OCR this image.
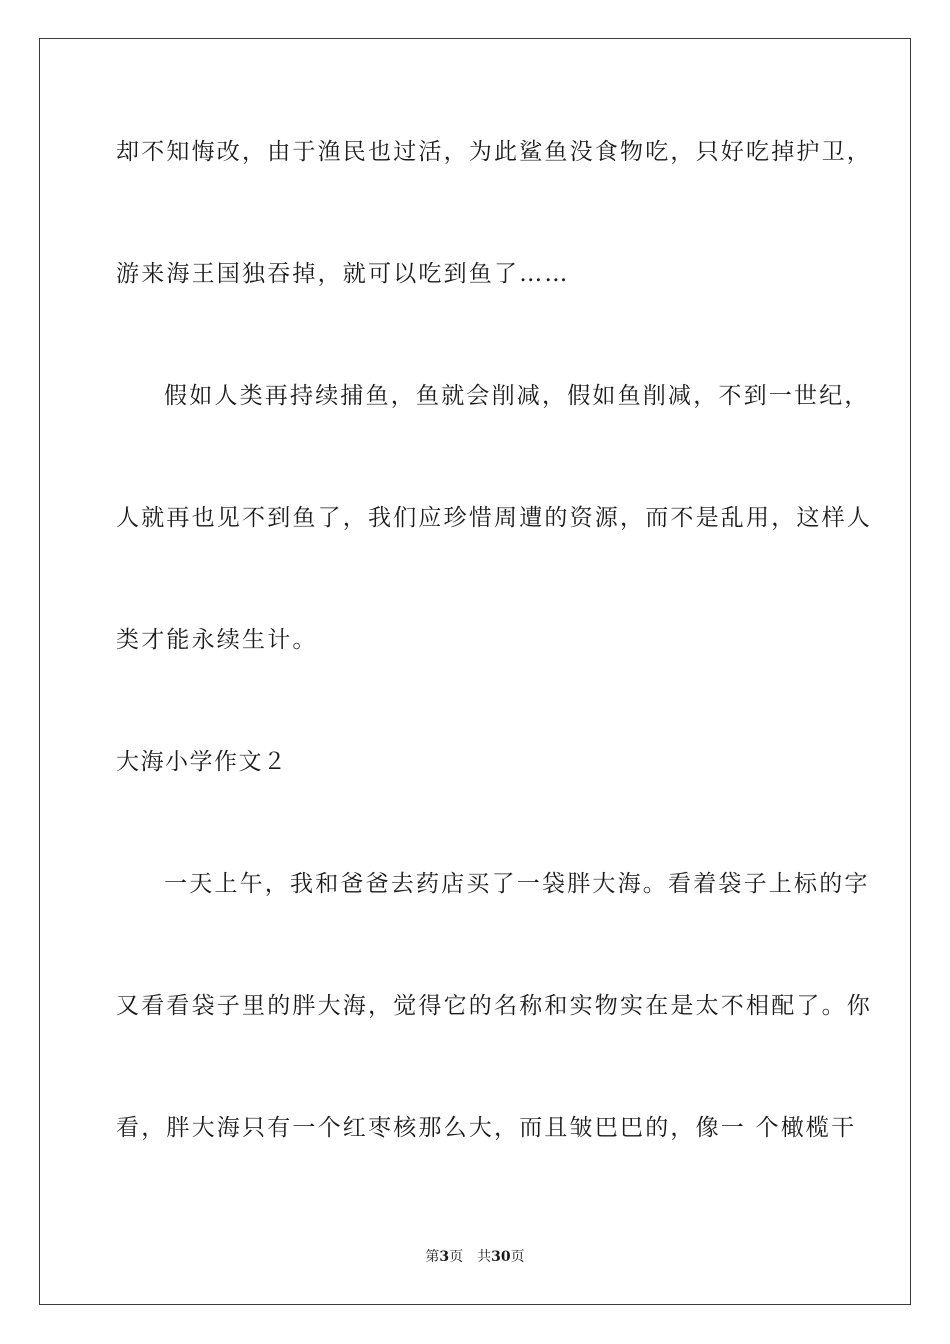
却不知悔改，由于渔民也过活，为此鲨鱼没食物吃，只好吃掉护卫，
游来海王国独吞掉，就可以吃到鱼了……
假如人类再持续捕鱼，鱼就会削减，假如鱼削减，不到一世纪，
人就再也见不到鱼了，我们应珍惜周遭的资源，而不是乱用，这样人
类才能永续生计。
大海小学作文２
一天上午，我和爸爸去药店买了一袋胖大海。看着袋子上标的字
又看看袋子里的胖大海，觉得它的名称和实物实在是太不相配了。你
看，胖大海只有一个红枣核那么大，而且皱巴巴的，像一 个橄榄干
第3页 共30页
